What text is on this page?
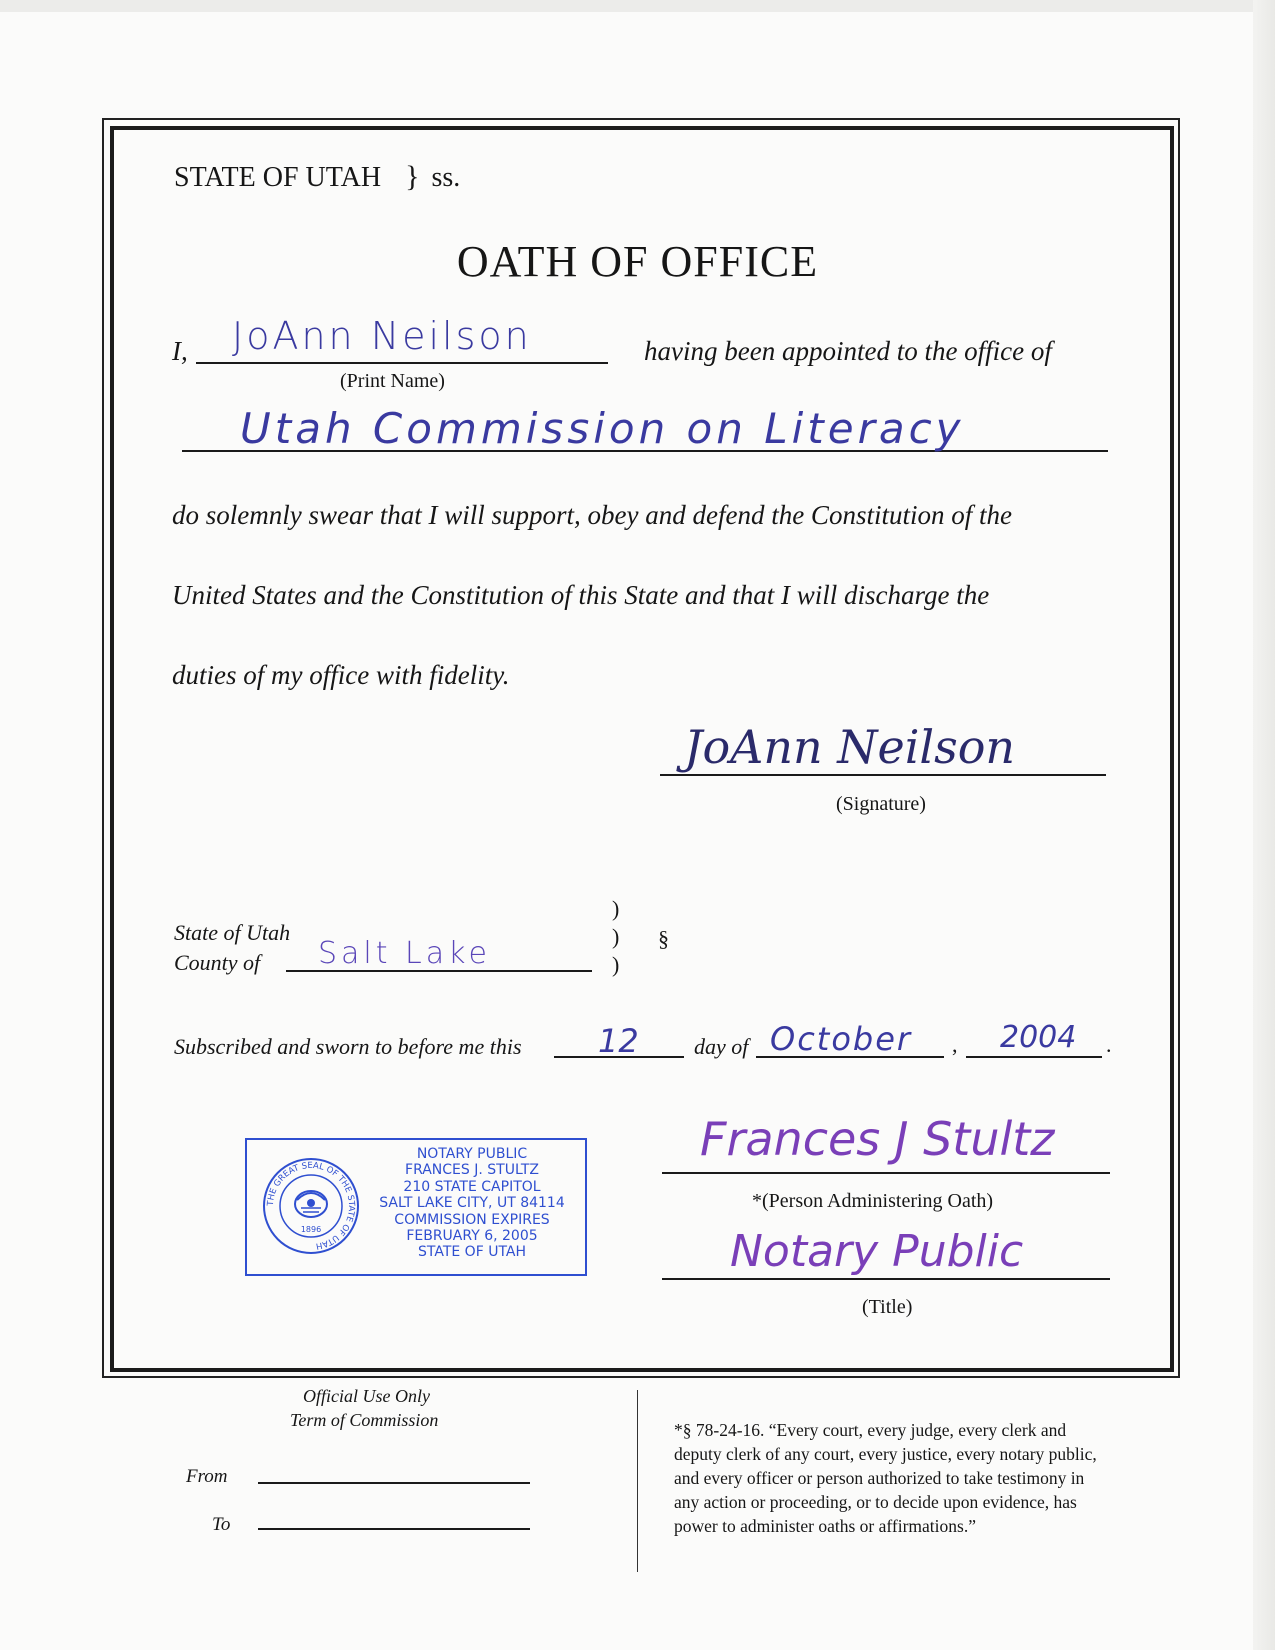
STATE OF UTAH } ss.
OATH OF OFFICE
I, JoAnn Neilson
(Print Name)
having been appointed to the office of
Utah Commission on Literacy
do solemnly swear that I will support, obey and defend the Constitution of the
United States and the Constitution of this State and that I will discharge the
duties of my office with fidelity.
JoAnn Neilson
(Signature)
State of Utah
County of Salt Lake
)
)
)
§
Subscribed and sworn to before me this 12	day of October , 2004 .
THE GREAT SEAL OF THE STATE OF UTAH
1896
NOTARY PUBLIC
FRANCES J. STULTZ
210 STATE CAPITOL
SALT LAKE CITY, UT 84114
COMMISSION EXPIRES
FEBRUARY 6, 2005
STATE OF UTAH
Frances J Stultz
*(Person Administering Oath)
Notary Public
(Title)
Official Use Only
Term of Commission
From
To
*§ 78-24-16. “Every court, every judge, every clerk and
deputy clerk of any court, every justice, every notary public,
and every officer or person authorized to take testimony in
any action or proceeding, or to decide upon evidence, has
power to administer oaths or affirmations.”
